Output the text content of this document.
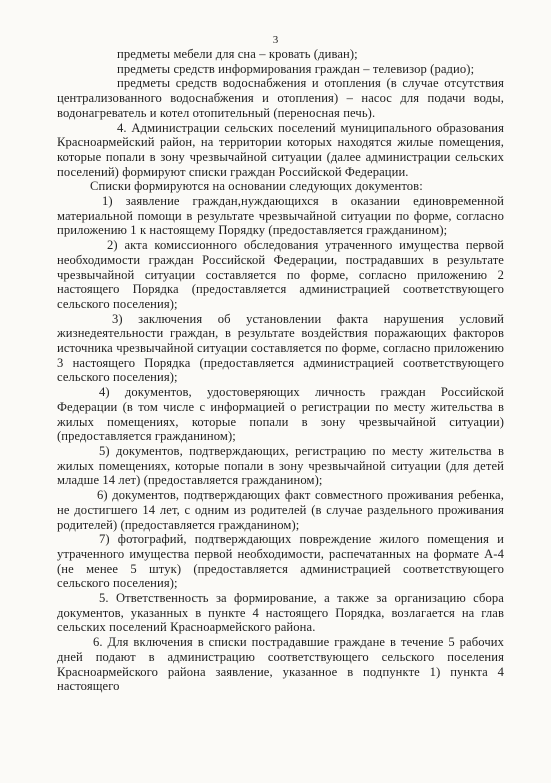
3

предметы мебели для сна – кровать (диван);

предметы средств информирования граждан – телевизор (радио);

предметы средств водоснабжения и отопления (в случае отсутствия централизованного водоснабжения и отопления) – насос для подачи воды, водонагреватель и котел отопительный (переносная печь).

4. Администрации сельских поселений муниципального образования Красноармейский район, на территории которых находятся жилые помещения, которые попали в зону чрезвычайной ситуации (далее администрации сельских поселений) формируют списки граждан Российской Федерации.

Списки формируются на основании следующих документов:

1) заявление граждан,нуждающихся в оказании единовременной материальной помощи в результате чрезвычайной ситуации по форме, согласно приложению 1 к настоящему Порядку (предоставляется гражданином);

2) акта комиссионного обследования утраченного имущества первой необходимости граждан Российской Федерации, пострадавших в результате чрезвычайной ситуации составляется по форме, согласно приложению 2 настоящего Порядка (предоставляется администрацией соответствующего сельского поселения);

3) заключения об установлении факта нарушения условий жизнедеятельности граждан, в результате воздействия поражающих факторов источника чрезвычайной ситуации составляется по форме, согласно приложению 3 настоящего Порядка (предоставляется администрацией соответствующего сельского поселения);

4) документов, удостоверяющих личность граждан Российской Федерации (в том числе с информацией о регистрации по месту жительства в жилых помещениях, которые попали в зону чрезвычайной ситуации) (предоставляется гражданином);

5) документов, подтверждающих, регистрацию по месту жительства в жилых помещениях, которые попали в зону чрезвычайной ситуации (для детей младше 14 лет) (предоставляется гражданином);

6) документов, подтверждающих факт совместного проживания ребенка, не достигшего 14 лет, с одним из родителей (в случае раздельного проживания родителей) (предоставляется гражданином);

7) фотографий, подтверждающих повреждение жилого помещения и утраченного имущества первой необходимости, распечатанных на формате А-4 (не менее 5 штук) (предоставляется администрацией соответствующего сельского поселения);

5. Ответственность за формирование, а также за организацию сбора документов, указанных в пункте 4 настоящего Порядка, возлагается на глав сельских поселений Красноармейского района.

6. Для включения в списки пострадавшие граждане в течение 5 рабочих дней подают в администрацию соответствующего сельского поселения Красноармейского района заявление, указанное в подпункте 1) пункта 4 настоящего
